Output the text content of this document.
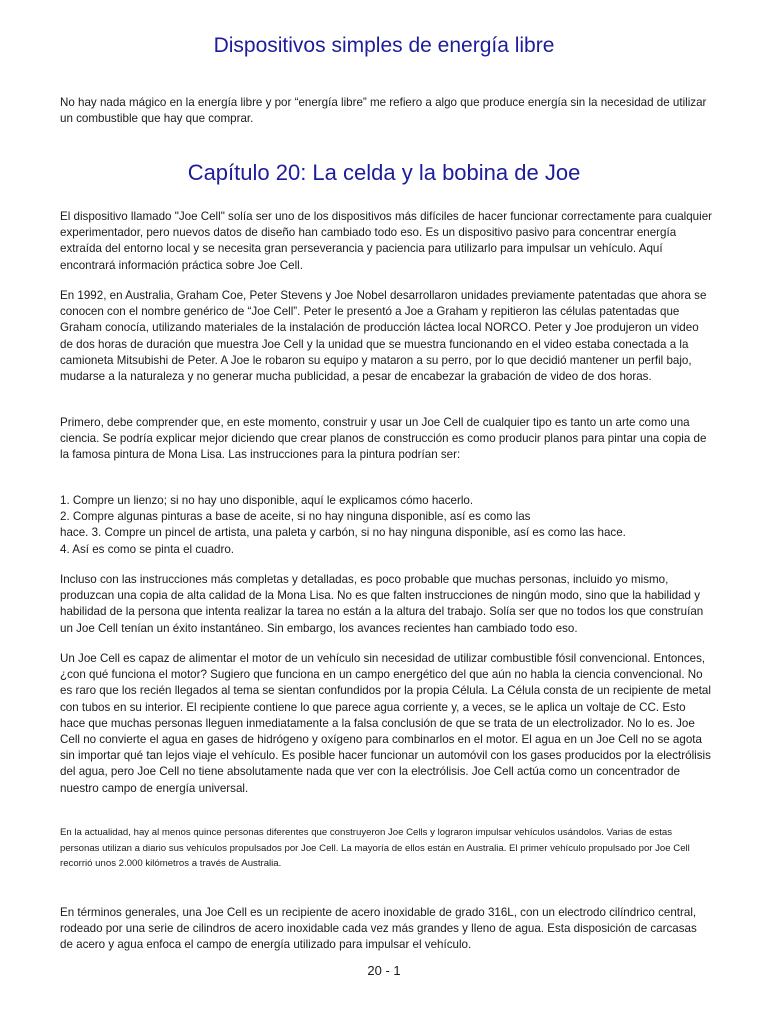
Dispositivos simples de energía libre

No hay nada mágico en la energía libre y por “energía libre” me refiero a algo que produce energía sin la necesidad de utilizar un combustible que hay que comprar.

Capítulo 20: La celda y la bobina de Joe

El dispositivo llamado "Joe Cell" solía ser uno de los dispositivos más difíciles de hacer funcionar correctamente para cualquier experimentador, pero nuevos datos de diseño han cambiado todo eso. Es un dispositivo pasivo para concentrar energía extraída del entorno local y se necesita gran perseverancia y paciencia para utilizarlo para impulsar un vehículo. Aquí encontrará información práctica sobre Joe Cell.

En 1992, en Australia, Graham Coe, Peter Stevens y Joe Nobel desarrollaron unidades previamente patentadas que ahora se conocen con el nombre genérico de “Joe Cell”. Peter le presentó a Joe a Graham y repitieron las células patentadas que Graham conocía, utilizando materiales de la instalación de producción láctea local NORCO. Peter y Joe produjeron un video de dos horas de duración que muestra Joe Cell y la unidad que se muestra funcionando en el video estaba conectada a la camioneta Mitsubishi de Peter. A Joe le robaron su equipo y mataron a su perro, por lo que decidió mantener un perfil bajo, mudarse a la naturaleza y no generar mucha publicidad, a pesar de encabezar la grabación de video de dos horas.

Primero, debe comprender que, en este momento, construir y usar un Joe Cell de cualquier tipo es tanto un arte como una ciencia. Se podría explicar mejor diciendo que crear planos de construcción es como producir planos para pintar una copia de la famosa pintura de Mona Lisa. Las instrucciones para la pintura podrían ser:

1. Compre un lienzo; si no hay uno disponible, aquí le explicamos cómo hacerlo.
2. Compre algunas pinturas a base de aceite, si no hay ninguna disponible, así es como las
hace. 3. Compre un pincel de artista, una paleta y carbón, si no hay ninguna disponible, así es como las hace.
4. Así es como se pinta el cuadro.

Incluso con las instrucciones más completas y detalladas, es poco probable que muchas personas, incluido yo mismo, produzcan una copia de alta calidad de la Mona Lisa. No es que falten instrucciones de ningún modo, sino que la habilidad y habilidad de la persona que intenta realizar la tarea no están a la altura del trabajo. Solía ser que no todos los que construían un Joe Cell tenían un éxito instantáneo. Sin embargo, los avances recientes han cambiado todo eso.

Un Joe Cell es capaz de alimentar el motor de un vehículo sin necesidad de utilizar combustible fósil convencional. Entonces, ¿con qué funciona el motor? Sugiero que funciona en un campo energético del que aún no habla la ciencia convencional. No es raro que los recién llegados al tema se sientan confundidos por la propia Célula. La Célula consta de un recipiente de metal con tubos en su interior. El recipiente contiene lo que parece agua corriente y, a veces, se le aplica un voltaje de CC. Esto hace que muchas personas lleguen inmediatamente a la falsa conclusión de que se trata de un electrolizador. No lo es. Joe Cell no convierte el agua en gases de hidrógeno y oxígeno para combinarlos en el motor. El agua en un Joe Cell no se agota sin importar qué tan lejos viaje el vehículo. Es posible hacer funcionar un automóvil con los gases producidos por la electrólisis del agua, pero Joe Cell no tiene absolutamente nada que ver con la electrólisis. Joe Cell actúa como un concentrador de nuestro campo de energía universal.

En la actualidad, hay al menos quince personas diferentes que construyeron Joe Cells y lograron impulsar vehículos usándolos. Varias de estas personas utilizan a diario sus vehículos propulsados por Joe Cell. La mayoría de ellos están en Australia. El primer vehículo propulsado por Joe Cell recorrió unos 2.000 kilómetros a través de Australia.

En términos generales, una Joe Cell es un recipiente de acero inoxidable de grado 316L, con un electrodo cilíndrico central, rodeado por una serie de cilindros de acero inoxidable cada vez más grandes y lleno de agua. Esta disposición de carcasas de acero y agua enfoca el campo de energía utilizado para impulsar el vehículo.

20 - 1
